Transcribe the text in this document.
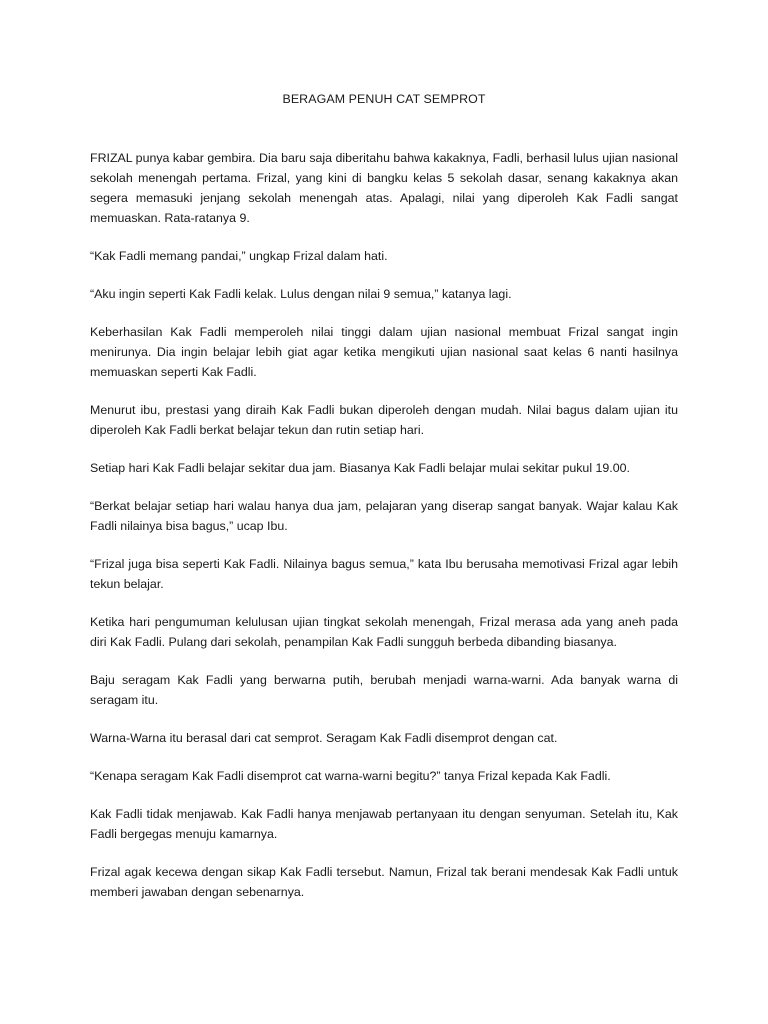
BERAGAM PENUH CAT SEMPROT

FRIZAL punya kabar gembira. Dia baru saja diberitahu bahwa kakaknya, Fadli, berhasil lulus ujian nasional sekolah menengah pertama. Frizal, yang kini di bangku kelas 5 sekolah dasar, senang kakaknya akan segera memasuki jenjang sekolah menengah atas. Apalagi, nilai yang diperoleh Kak Fadli sangat memuaskan. Rata-ratanya 9.

“Kak Fadli memang pandai,” ungkap Frizal dalam hati.

“Aku ingin seperti Kak Fadli kelak. Lulus dengan nilai 9 semua,” katanya lagi.

Keberhasilan Kak Fadli memperoleh nilai tinggi dalam ujian nasional membuat Frizal sangat ingin menirunya. Dia ingin belajar lebih giat agar ketika mengikuti ujian nasional saat kelas 6 nanti hasilnya memuaskan seperti Kak Fadli.

Menurut ibu, prestasi yang diraih Kak Fadli bukan diperoleh dengan mudah. Nilai bagus dalam ujian itu diperoleh Kak Fadli berkat belajar tekun dan rutin setiap hari.

Setiap hari Kak Fadli belajar sekitar dua jam. Biasanya Kak Fadli belajar mulai sekitar pukul 19.00.

“Berkat belajar setiap hari walau hanya dua jam, pelajaran yang diserap sangat banyak. Wajar kalau Kak Fadli nilainya bisa bagus,” ucap Ibu.

“Frizal juga bisa seperti Kak Fadli. Nilainya bagus semua,” kata Ibu berusaha memotivasi Frizal agar lebih tekun belajar.

Ketika hari pengumuman kelulusan ujian tingkat sekolah menengah, Frizal merasa ada yang aneh pada diri Kak Fadli. Pulang dari sekolah, penampilan Kak Fadli sungguh berbeda dibanding biasanya.

Baju seragam Kak Fadli yang berwarna putih, berubah menjadi warna-warni. Ada banyak warna di seragam itu.

Warna-Warna itu berasal dari cat semprot. Seragam Kak Fadli disemprot dengan cat.

“Kenapa seragam Kak Fadli disemprot cat warna-warni begitu?” tanya Frizal kepada Kak Fadli.

Kak Fadli tidak menjawab. Kak Fadli hanya menjawab pertanyaan itu dengan senyuman. Setelah itu, Kak Fadli bergegas menuju kamarnya.

Frizal agak kecewa dengan sikap Kak Fadli tersebut. Namun, Frizal tak berani mendesak Kak Fadli untuk memberi jawaban dengan sebenarnya.
